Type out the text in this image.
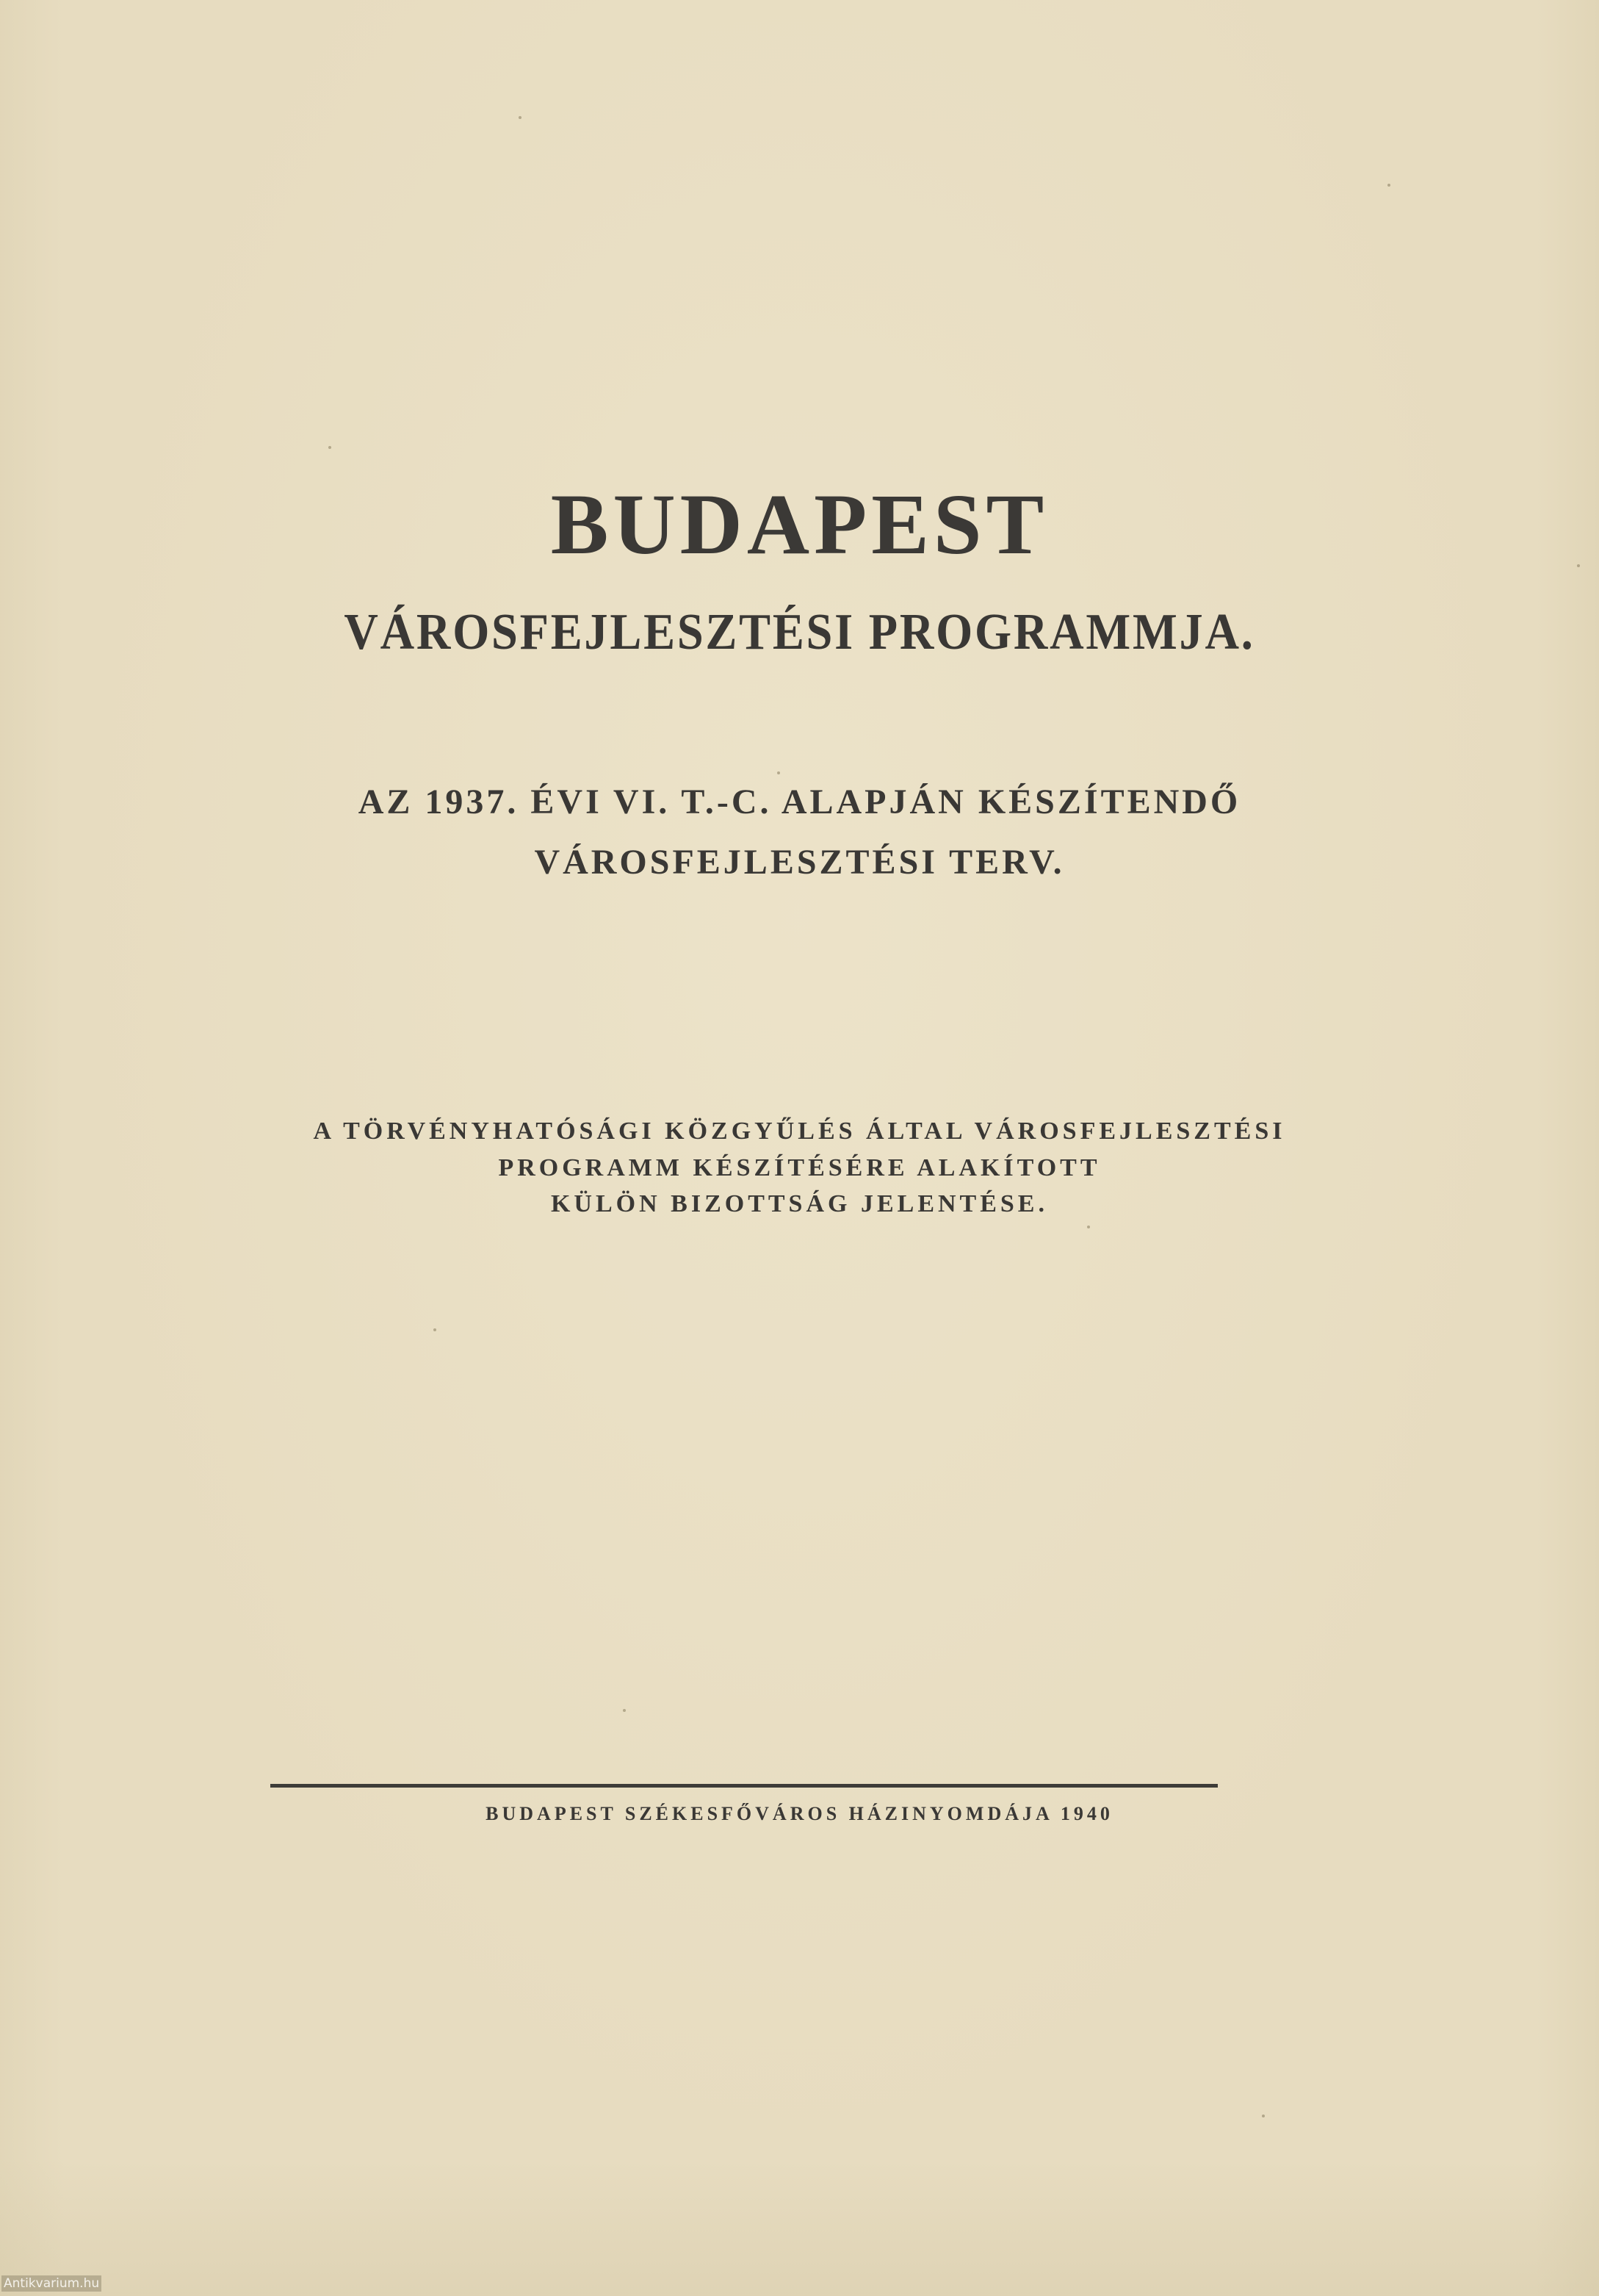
BUDAPEST

VÁROSFEJLESZTÉSI PROGRAMMJA.

AZ 1937. ÉVI VI. T.-C. ALAPJÁN KÉSZÍTENDŐ

VÁROSFEJLESZTÉSI TERV.

A TÖRVÉNYHATÓSÁGI KÖZGYŰLÉS ÁLTAL VÁROSFEJLESZTÉSI

PROGRAMM KÉSZÍTÉSÉRE ALAKÍTOTT

KÜLÖN BIZOTTSÁG JELENTÉSE.

BUDAPEST SZÉKESFŐVÁROS HÁZINYOMDÁJA 1940

Antikvarium.hu
